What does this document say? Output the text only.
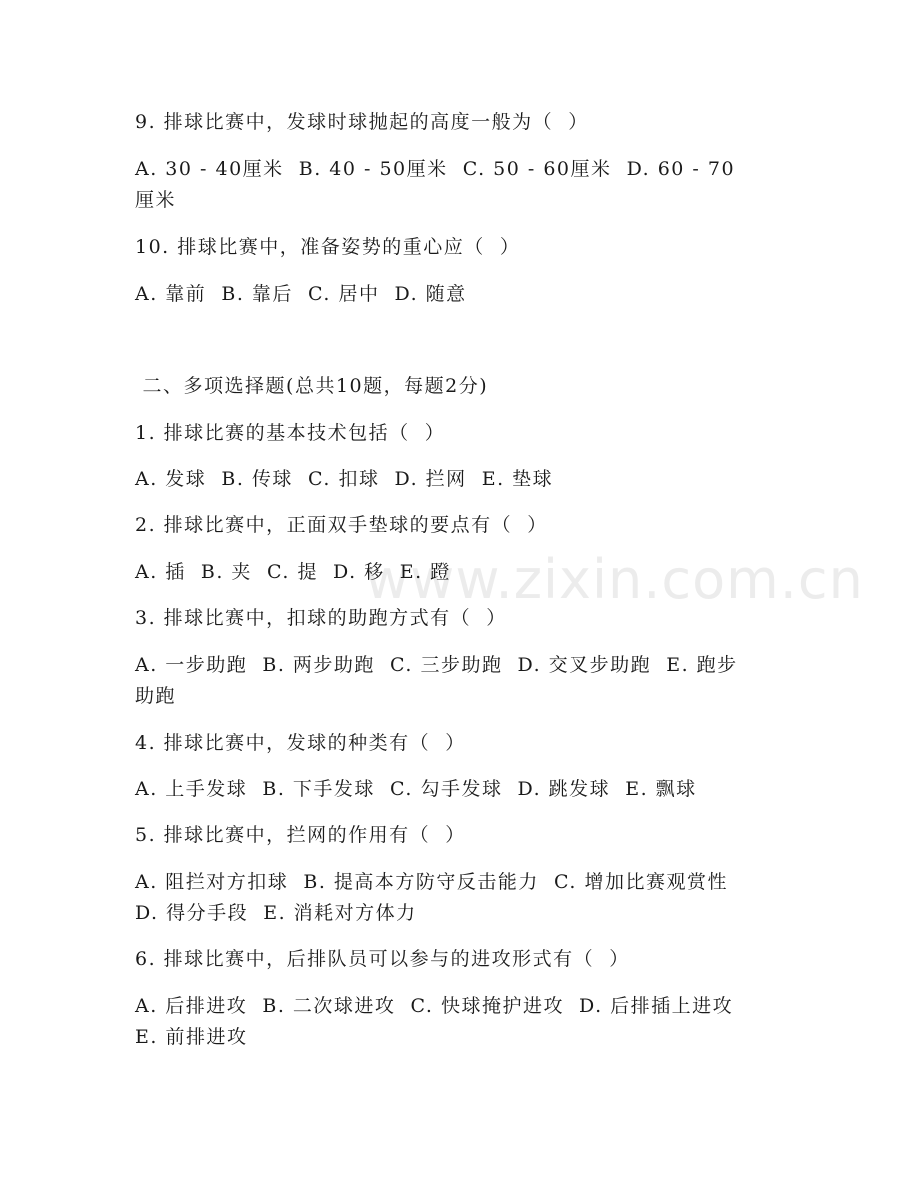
www.zixin.com.cn
9. 排球比赛中，发球时球抛起的高度一般为（  ）
A. 30 - 40厘米  B. 40 - 50厘米  C. 50 - 60厘米  D. 60 - 70
厘米
10. 排球比赛中，准备姿势的重心应（  ）
A. 靠前  B. 靠后  C. 居中  D. 随意
二、多项选择题(总共10题，每题2分)
1. 排球比赛的基本技术包括（  ）
A. 发球  B. 传球  C. 扣球  D. 拦网  E. 垫球
2. 排球比赛中，正面双手垫球的要点有（  ）
A. 插  B. 夹  C. 提  D. 移  E. 蹬
3. 排球比赛中，扣球的助跑方式有（  ）
A. 一步助跑  B. 两步助跑  C. 三步助跑  D. 交叉步助跑  E. 跑步
助跑
4. 排球比赛中，发球的种类有（  ）
A. 上手发球  B. 下手发球  C. 勾手发球  D. 跳发球  E. 飘球
5. 排球比赛中，拦网的作用有（  ）
A. 阻拦对方扣球  B. 提高本方防守反击能力  C. 增加比赛观赏性
D. 得分手段  E. 消耗对方体力
6. 排球比赛中，后排队员可以参与的进攻形式有（  ）
A. 后排进攻  B. 二次球进攻  C. 快球掩护进攻  D. 后排插上进攻
E. 前排进攻
